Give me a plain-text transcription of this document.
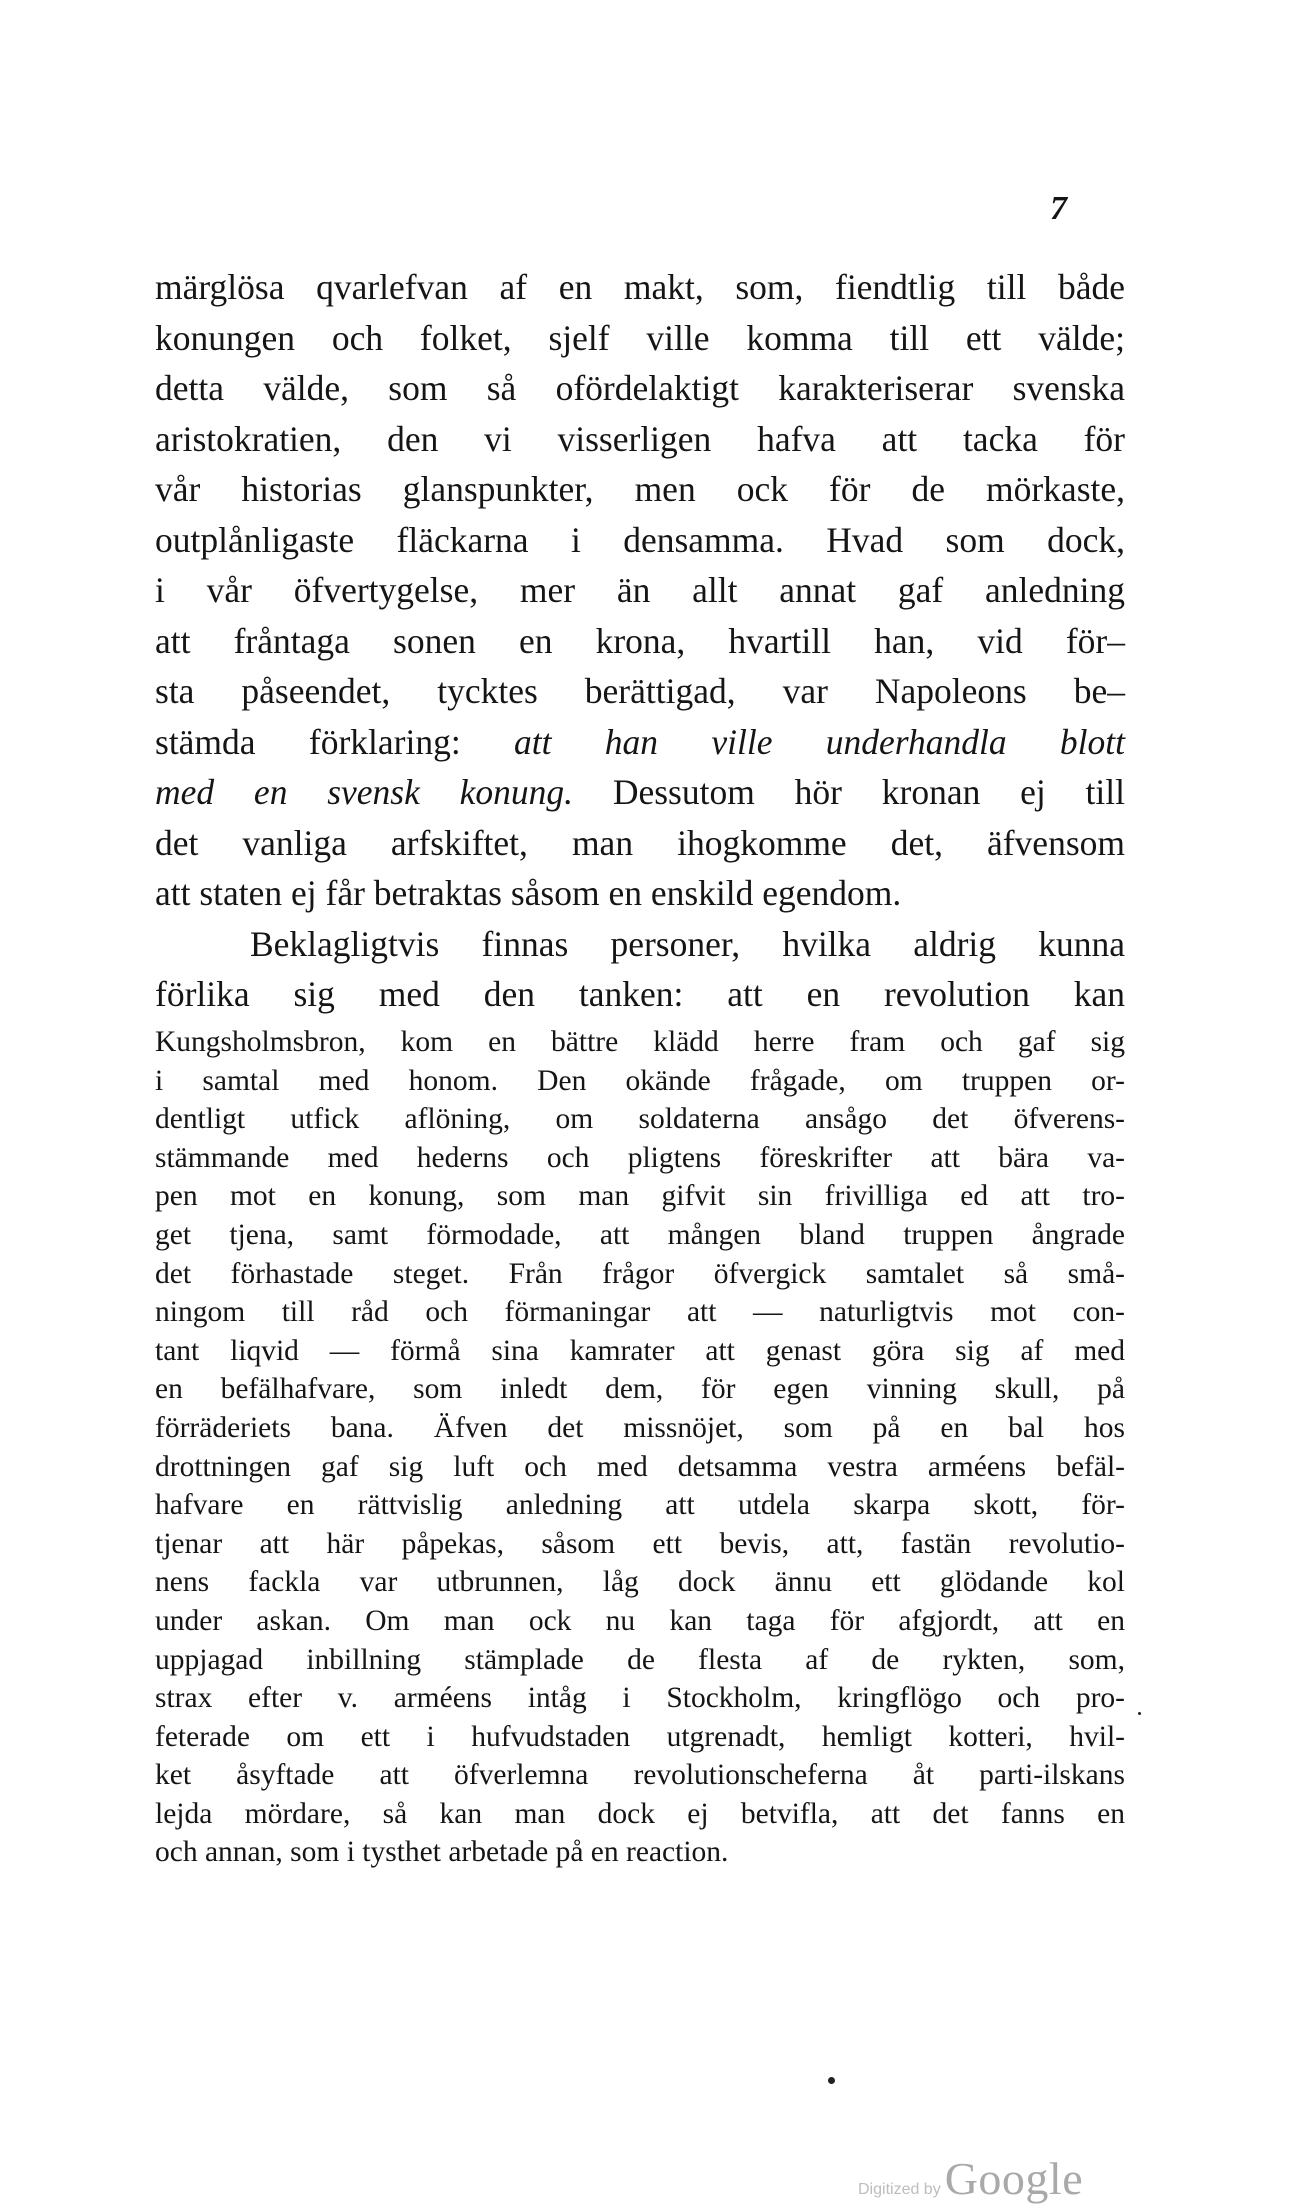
7
märglösa qvarlefvan af en makt, som, fiendtlig till både
konungen och folket, sjelf ville komma till ett välde;
detta välde, som så ofördelaktigt karakteriserar svenska
aristokratien, den vi visserligen hafva att tacka för
vår historias glanspunkter, men ock för de mörkaste,
outplånligaste fläckarna i densamma. Hvad som dock,
i vår öfvertygelse, mer än allt annat gaf anledning
att fråntaga sonen en krona, hvartill han, vid för–
sta påseendet, tycktes berättigad, var Napoleons be–
stämda förklaring: att han ville underhandla blott
med en svensk konung. Dessutom hör kronan ej till
det vanliga arfskiftet, man ihogkomme det, äfvensom
att staten ej får betraktas såsom en enskild egendom.
Beklagligtvis finnas personer, hvilka aldrig kunna
förlika sig med den tanken: att en revolution kan
Kungsholmsbron, kom en bättre klädd herre fram och gaf sig
i samtal med honom. Den okände frågade, om truppen or-
dentligt utfick aflöning, om soldaterna ansågo det öfverens-
stämmande med hederns och pligtens föreskrifter att bära va-
pen mot en konung, som man gifvit sin frivilliga ed att tro-
get tjena, samt förmodade, att mången bland truppen ångrade
det förhastade steget. Från frågor öfvergick samtalet så små-
ningom till råd och förmaningar att — naturligtvis mot con-
tant liqvid — förmå sina kamrater att genast göra sig af med
en befälhafvare, som inledt dem, för egen vinning skull, på
förräderiets bana. Äfven det missnöjet, som på en bal hos
drottningen gaf sig luft och med detsamma vestra arméens befäl-
hafvare en rättvislig anledning att utdela skarpa skott, för-
tjenar att här påpekas, såsom ett bevis, att, fastän revolutio-
nens fackla var utbrunnen, låg dock ännu ett glödande kol
under askan. Om man ock nu kan taga för afgjordt, att en
uppjagad inbillning stämplade de flesta af de rykten, som,
strax efter v. arméens intåg i Stockholm, kringflögo och pro-
feterade om ett i hufvudstaden utgrenadt, hemligt kotteri, hvil-
ket åsyftade att öfverlemna revolutionscheferna åt parti-ilskans
lejda mördare, så kan man dock ej betvifla, att det fanns en
och annan, som i tysthet arbetade på en reaction.
Digitized by Google
